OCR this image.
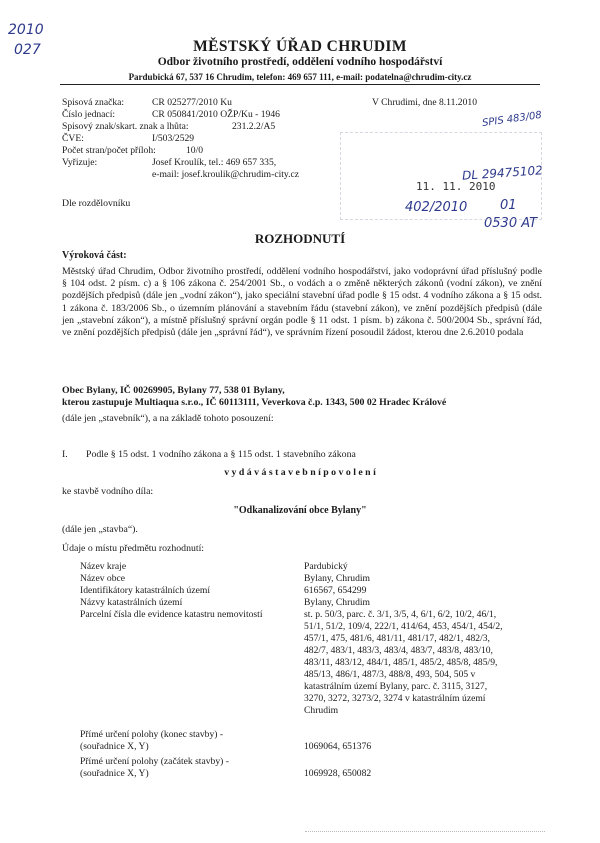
2010
027
SPIS 483/08
DL 29475102
402/2010	01
0530 AT
11. 11. 2010
MĚSTSKÝ ÚŘAD CHRUDIM
Odbor životního prostředí, oddělení vodního hospodářství
Pardubická 67, 537 16 Chrudim, telefon: 469 657 111, e-mail: podatelna@chrudim-city.cz
Spisová značka:	CR 025277/2010 Ku	V Chrudimi, dne 8.11.2010
Číslo jednací:	CR 050841/2010 OŽP/Ku - 1946
Spisový znak/skart. znak a lhůta:	231.2.2/A5
ČVE:	I/503/2529
Počet stran/počet příloh:	10/0
Vyřizuje:	Josef Kroulík, tel.: 469 657 335,
e-mail: josef.kroulik@chrudim-city.cz
Dle rozdělovníku
ROZHODNUTÍ
Výroková část:
Městský úřad Chrudim, Odbor životního prostředí, oddělení vodního hospodářství, jako vodoprávní úřad příslušný podle § 104 odst. 2 písm. c) a § 106 zákona č. 254/2001 Sb., o vodách a o změně některých zákonů (vodní zákon), ve znění pozdějších předpisů (dále jen „vodní zákon“), jako speciální stavební úřad podle § 15 odst. 4 vodního zákona a § 15 odst. 1 zákona č. 183/2006 Sb., o územním plánování a stavebním řádu (stavební zákon), ve znění pozdějších předpisů (dále jen „stavební zákon“), a místně příslušný správní orgán podle § 11 odst. 1 písm. b) zákona č. 500/2004 Sb., správní řád, ve znění pozdějších předpisů (dále jen „správní řád“), ve správním řízení posoudil žádost, kterou dne 2.6.2010 podala
Obec Bylany, IČ 00269905, Bylany 77, 538 01 Bylany,
kterou zastupuje Multiaqua s.r.o., IČ 60113111, Veverkova č.p. 1343, 500 02 Hradec Králové
(dále jen „stavebník“), a na základě tohoto posouzení:
I. Podle § 15 odst. 1 vodního zákona a § 115 odst. 1 stavebního zákona
v y d á v á s t a v e b n í p o v o l e n í
ke stavbě vodního díla:
"Odkanalizování obce Bylany"
(dále jen „stavba“).
Údaje o místu předmětu rozhodnutí:
Název kraje	Pardubický
Název obce	Bylany, Chrudim
Identifikátory katastrálních území	616567, 654299
Názvy katastrálních území	Bylany, Chrudim
Parcelní čísla dle evidence katastru nemovitostí	st. p. 50/3, parc. č. 3/1, 3/5, 4, 6/1, 6/2, 10/2, 46/1,
51/1, 51/2, 109/4, 222/1, 414/64, 453, 454/1, 454/2,
457/1, 475, 481/6, 481/11, 481/17, 482/1, 482/3,
482/7, 483/1, 483/3, 483/4, 483/7, 483/8, 483/10,
483/11, 483/12, 484/1, 485/1, 485/2, 485/8, 485/9,
485/13, 486/1, 487/3, 488/8, 493, 504, 505 v
katastrálním území Bylany, parc. č. 3115, 3127,
3270, 3272, 3273/2, 3274 v katastrálním území
Chrudim
Přímé určení polohy (konec stavby) -
(souřadnice X, Y)	1069064, 651376
Přímé určení polohy (začátek stavby) -
(souřadnice X, Y)	1069928, 650082
